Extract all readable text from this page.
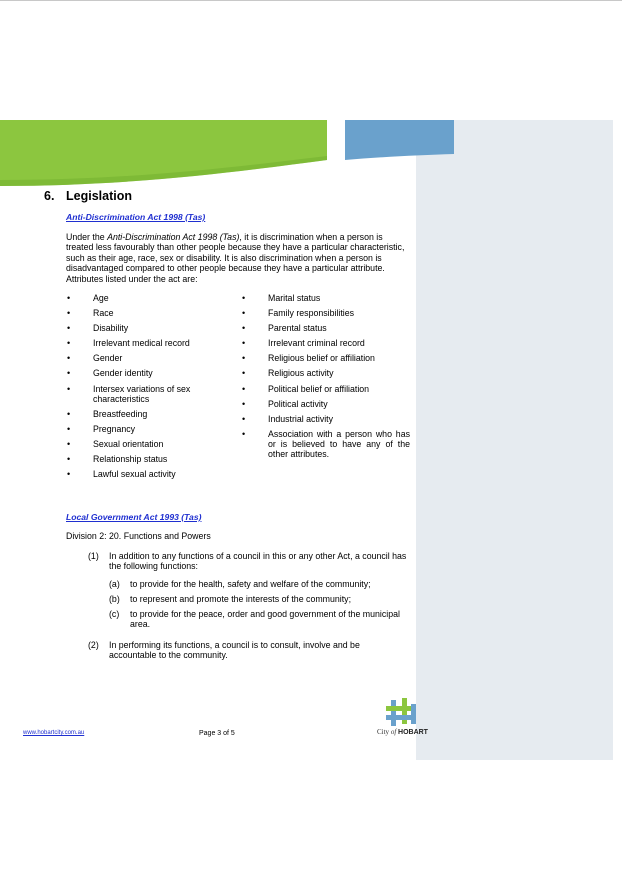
6. Legislation
Anti-Discrimination Act 1998 (Tas)
Under the Anti-Discrimination Act 1998 (Tas), it is discrimination when a person is treated less favourably than other people because they have a particular characteristic, such as their age, race, sex or disability. It is also discrimination when a person is disadvantaged compared to other people because they have a particular attribute. Attributes listed under the act are:
•	Age
•	Race
•	Disability
•	Irrelevant medical record
•	Gender
•	Gender identity
•	Intersex variations of sex characteristics
•	Breastfeeding
•	Pregnancy
•	Sexual orientation
•	Relationship status
•	Lawful sexual activity
•	Marital status
•	Family responsibilities
•	Parental status
•	Irrelevant criminal record
•	Religious belief or affiliation
•	Religious activity
•	Political belief or affiliation
•	Political activity
•	Industrial activity
•	Association with a person who has or is believed to have any of the other attributes.
Local Government Act 1993 (Tas)
Division 2: 20. Functions and Powers
(1) In addition to any functions of a council in this or any other Act, a council has the following functions:
(a) to provide for the health, safety and welfare of the community;
(b) to represent and promote the interests of the community;
(c) to provide for the peace, order and good government of the municipal area.
(2) In performing its functions, a council is to consult, involve and be accountable to the community.
www.hobartcity.com.au	Page 3 of 5	City of HOBART
